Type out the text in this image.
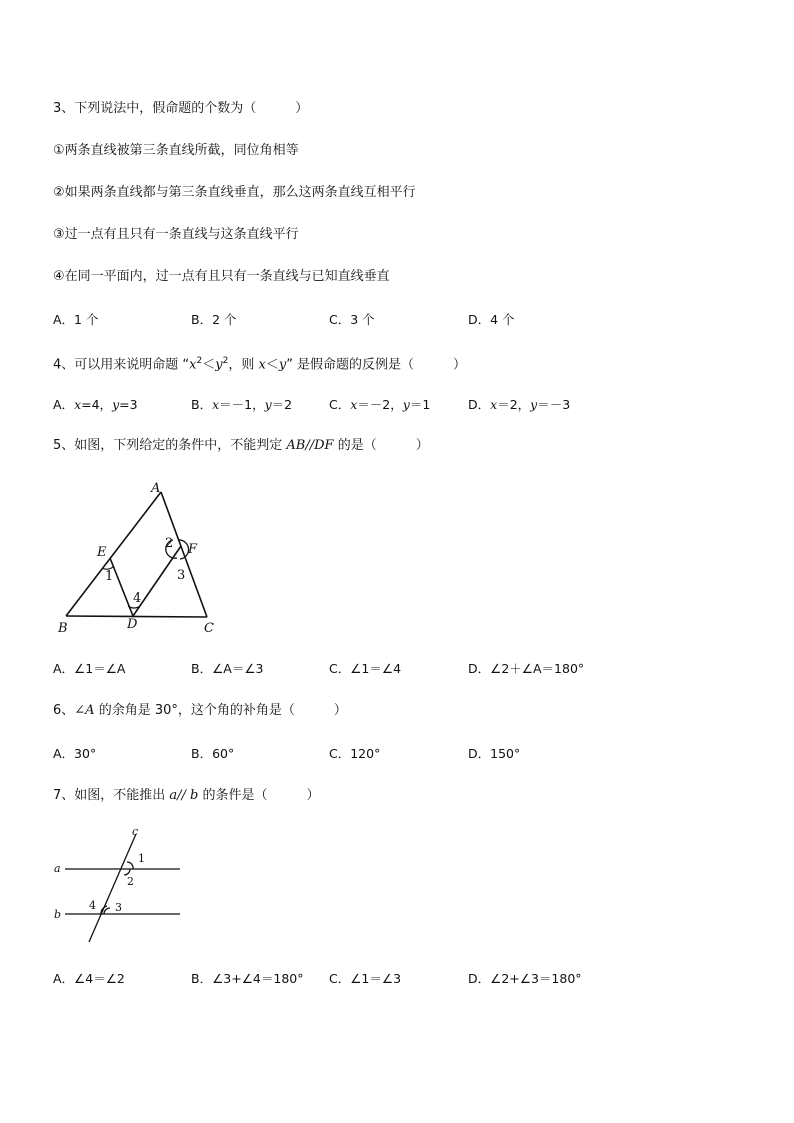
3、下列说法中，假命题的个数为（　　　）
①两条直线被第三条直线所截，同位角相等
②如果两条直线都与第三条直线垂直，那么这两条直线互相平行
③过一点有且只有一条直线与这条直线平行
④在同一平面内，过一点有且只有一条直线与已知直线垂直
A．1 个	B．2 个	C．3 个	D．4 个
4、可以用来说明命题 “$x^2<y^2$，则 x＜y” 是假命题的反例是（　　　）
A．x=4，y=3	B．x＝－1，y＝2	C．x＝－2，y＝1	D．x＝2，y＝－3
5、如图，下列给定的条件中，不能判定 AB//DF 的是（　　　）
A
B	C
D
E	F
1
2
3
4
c
a
b
1
2
3
4
A．∠1＝∠A	B．∠A＝∠3	C．∠1＝∠4	D．∠2＋∠A＝180°
6、∠A 的余角是 30°，这个角的补角是（　　　）
A．30°	B．60°	C．120°	D．150°
7、如图，不能推出 a// b 的条件是（　　　）
A．∠4＝∠2	B．∠3+∠4＝180° C．∠1＝∠3	D．∠2+∠3＝180°
